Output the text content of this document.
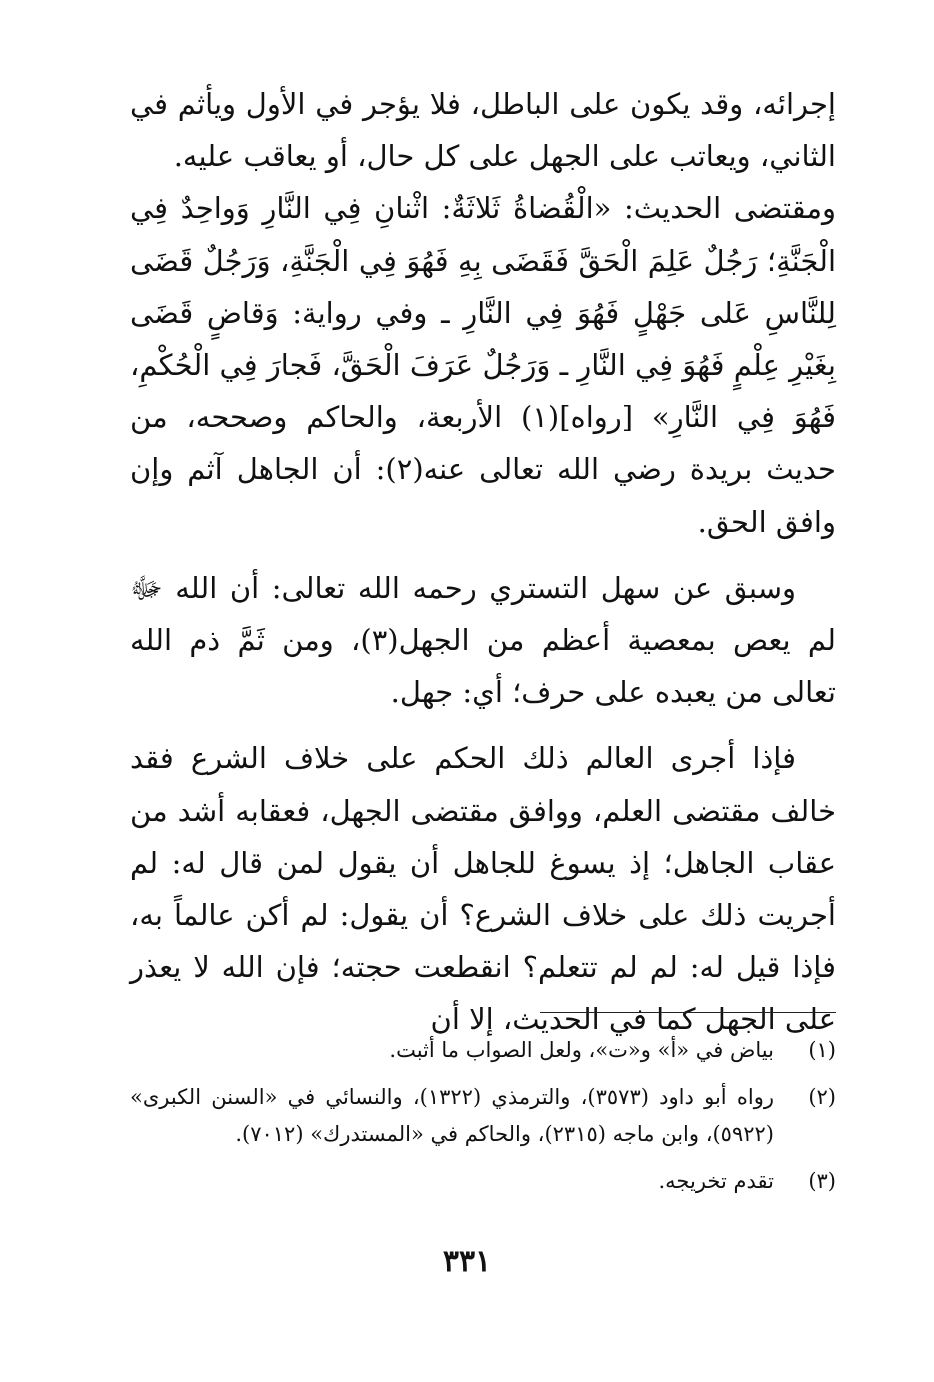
إجرائه، وقد يكون على الباطل، فلا يؤجر في الأول ويأثم في الثاني، ويعاتب على الجهل على كل حال، أو يعاقب عليه.

ومقتضى الحديث: «الْقُضاةُ ثَلاثَةٌ: اثْنانِ فِي النَّارِ وَواحِدٌ فِي الْجَنَّةِ؛ رَجُلٌ عَلِمَ الْحَقَّ فَقَضَى بِهِ فَهُوَ فِي الْجَنَّةِ، وَرَجُلٌ قَضَى لِلنَّاسِ عَلى جَهْلٍ فَهُوَ فِي النَّارِ ـ وفي رواية: وَقاضٍ قَضَى بِغَيْرِ عِلْمٍ فَهُوَ فِي النَّارِ ـ وَرَجُلٌ عَرَفَ الْحَقَّ، فَجارَ فِي الْحُكْمِ، فَهُوَ فِي النَّارِ» [رواه](١) الأربعة، والحاكم وصححه، من حديث بريدة رضي الله تعالى عنه(٢): أن الجاهل آثم وإن وافق الحق.

وسبق عن سهل التستري رحمه الله تعالى: أن الله ﷻ لم يعص بمعصية أعظم من الجهل(٣)، ومن ثَمَّ ذم الله تعالى من يعبده على حرف؛ أي: جهل.

فإذا أجرى العالم ذلك الحكم على خلاف الشرع فقد خالف مقتضى العلم، ووافق مقتضى الجهل، فعقابه أشد من عقاب الجاهل؛ إذ يسوغ للجاهل أن يقول لمن قال له: لم أجريت ذلك على خلاف الشرع؟ أن يقول: لم أكن عالماً به، فإذا قيل له: لم لم تتعلم؟ انقطعت حجته؛ فإن الله لا يعذر على الجهل كما في الحديث، إلا أن

(١)
بياض في «أ» و«ت»، ولعل الصواب ما أثبت.
(٢)
رواه أبو داود (٣٥٧٣)، والترمذي (١٣٢٢)، والنسائي في «السنن الكبرى» (٥٩٢٢)، وابن ماجه (٢٣١٥)، والحاكم في «المستدرك» (٧٠١٢).
(٣)
تقدم تخريجه.
٣٣١
